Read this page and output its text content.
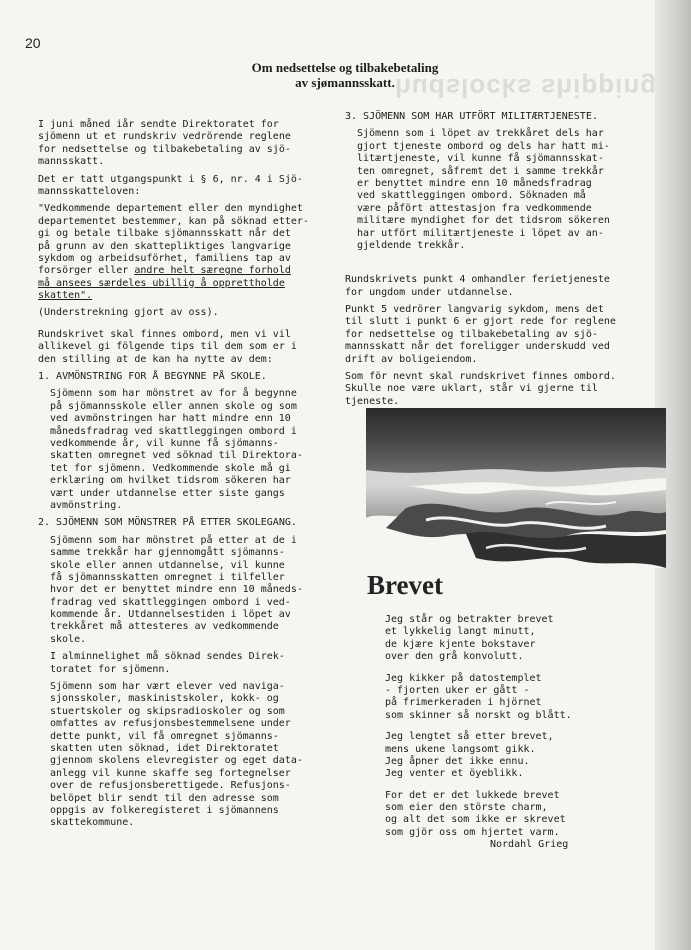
20
hudslocks shipping
Om nedsettelse og tilbakebetaling
av sjømannsskatt.
I juni måned iår sendte Direktoratet for
sjömenn ut et rundskriv vedrörende reglene
for nedsettelse og tilbakebetaling av sjö-
mannsskatt.
Det er tatt utgangspunkt i § 6, nr. 4 i Sjö-
mannsskatteloven:
"Vedkommende departement eller den myndighet
departementet bestemmer, kan på söknad etter-
gi og betale tilbake sjömannsskatt når det
på grunn av den skattepliktiges langvarige
sykdom og arbeidsuförhet, familiens tap av
forsörger eller andre helt særegne forhold
må ansees særdeles ubillig å opprettholde
skatten".
(Understrekning gjort av oss).
Rundskrivet skal finnes ombord, men vi vil
allikevel gi fölgende tips til dem som er i
den stilling at de kan ha nytte av dem:
1. AVMÖNSTRING FOR Å BEGYNNE PÅ SKOLE.
Sjömenn som har mönstret av for å begynne
på sjömannsskole eller annen skole og som
ved avmönstringen har hatt mindre enn 10
månedsfradrag ved skattleggingen ombord i
vedkommende år, vil kunne få sjömanns-
skatten omregnet ved söknad til Direktora-
tet for sjömenn. Vedkommende skole må gi
erklæring om hvilket tidsrom sökeren har
vært under utdannelse etter siste gangs
avmönstring.
2. SJÖMENN SOM MÖNSTRER PÅ ETTER SKOLEGANG.
Sjömenn som har mönstret på etter at de i
samme trekkår har gjennomgått sjömanns-
skole eller annen utdannelse, vil kunne
få sjömannsskatten omregnet i tilfeller
hvor det er benyttet mindre enn 10 måneds-
fradrag ved skattleggingen ombord i ved-
kommende år. Utdannelsestiden i löpet av
trekkåret må attesteres av vedkommende
skole.
I alminnelighet må söknad sendes Direk-
toratet for sjömenn.
Sjömenn som har vært elever ved naviga-
sjonsskoler, maskinistskoler, kokk- og
stuertskoler og skipsradioskoler og som
omfattes av refusjonsbestemmelsene under
dette punkt, vil få omregnet sjömanns-
skatten uten söknad, idet Direktoratet
gjennom skolens elevregister og eget data-
anlegg vil kunne skaffe seg fortegnelser
over de refusjonsberettigede. Refusjons-
belöpet blir sendt til den adresse som
oppgis av folkeregisteret i sjömannens
skattekommune.
3. SJÖMENN SOM HAR UTFÖRT MILITÆRTJENESTE.
Sjömenn som i löpet av trekkåret dels har
gjort tjeneste ombord og dels har hatt mi-
litærtjeneste, vil kunne få sjömannsskat-
ten omregnet, såfremt det i samme trekkår
er benyttet mindre enn 10 månedsfradrag
ved skattleggingen ombord. Söknaden må
være påfört attestasjon fra vedkommende
militære myndighet for det tidsrom sökeren
har utfört militærtjeneste i löpet av an-
gjeldende trekkår.
Rundskrivets punkt 4 omhandler ferietjeneste
for ungdom under utdannelse.
Punkt 5 vedrörer langvarig sykdom, mens det
til slutt i punkt 6 er gjort rede for reglene
for nedsettelse og tilbakebetaling av sjö-
mannsskatt når det foreligger underskudd ved
drift av boligeiendom.
Som för nevnt skal rundskrivet finnes ombord.
Skulle noe være uklart, står vi gjerne til
tjeneste.
Brevet
Jeg står og betrakter brevet
et lykkelig langt minutt,
de kjære kjente bokstaver
over den grå konvolutt.
Jeg kikker på datostemplet
- fjorten uker er gått -
på frimerkeraden i hjörnet
som skinner så norskt og blått.
Jeg lengtet så etter brevet,
mens ukene langsomt gikk.
Jeg åpner det ikke ennu.
Jeg venter et öyeblikk.
For det er det lukkede brevet
som eier den störste charm,
og alt det som ikke er skrevet
som gjör oss om hjertet varm.
Nordahl Grieg
